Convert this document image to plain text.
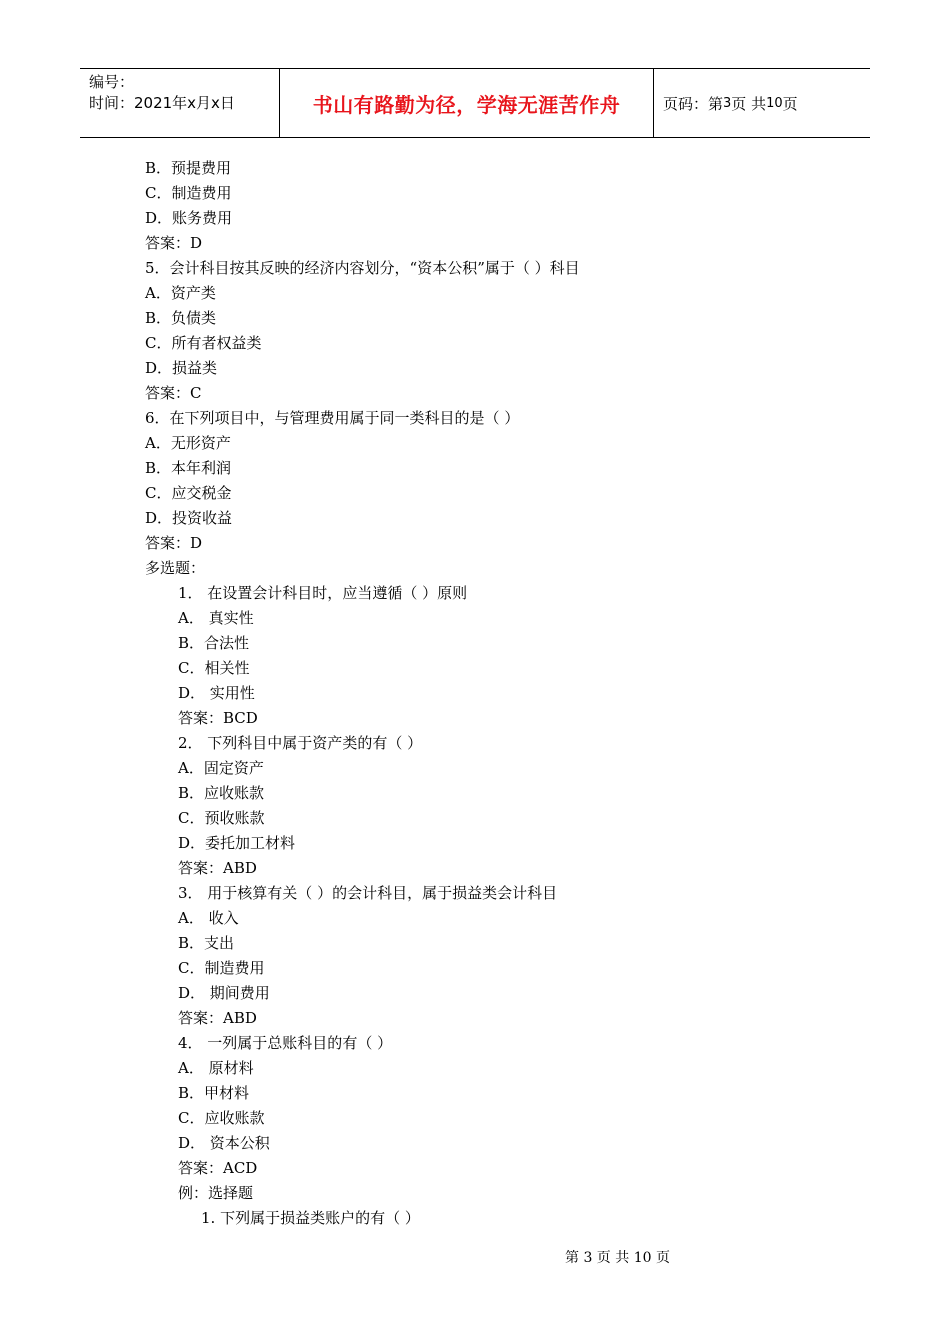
编号：
时间：2021年x月x日	书山有路勤为径，学海无涯苦作舟	页码：第 3 页 共 10 页
B．预提费用
C．制造费用
D．账务费用
答案：D
5．会计科目按其反映的经济内容划分，“资本公积”属于（ ）科目
A．资产类
B．负债类
C．所有者权益类
D．损益类
答案：C
6．在下列项目中，与管理费用属于同一类科目的是（ ）
A．无形资产
B．本年利润
C．应交税金
D．投资收益
答案：D
多选题：
1． 在设置会计科目时，应当遵循（ ）原则
A． 真实性
B．合法性
C．相关性
D． 实用性
答案：BCD
2． 下列科目中属于资产类的有（ ）
A．固定资产
B．应收账款
C．预收账款
D．委托加工材料
答案：ABD
3． 用于核算有关（ ）的会计科目，属于损益类会计科目
A． 收入
B．支出
C．制造费用
D． 期间费用
答案：ABD
4． 一列属于总账科目的有（ ）
A． 原材料
B．甲材料
C．应收账款
D． 资本公积
答案：ACD
例：选择题
1. 下列属于损益类账户的有（ ）
第 3 页 共 10 页
